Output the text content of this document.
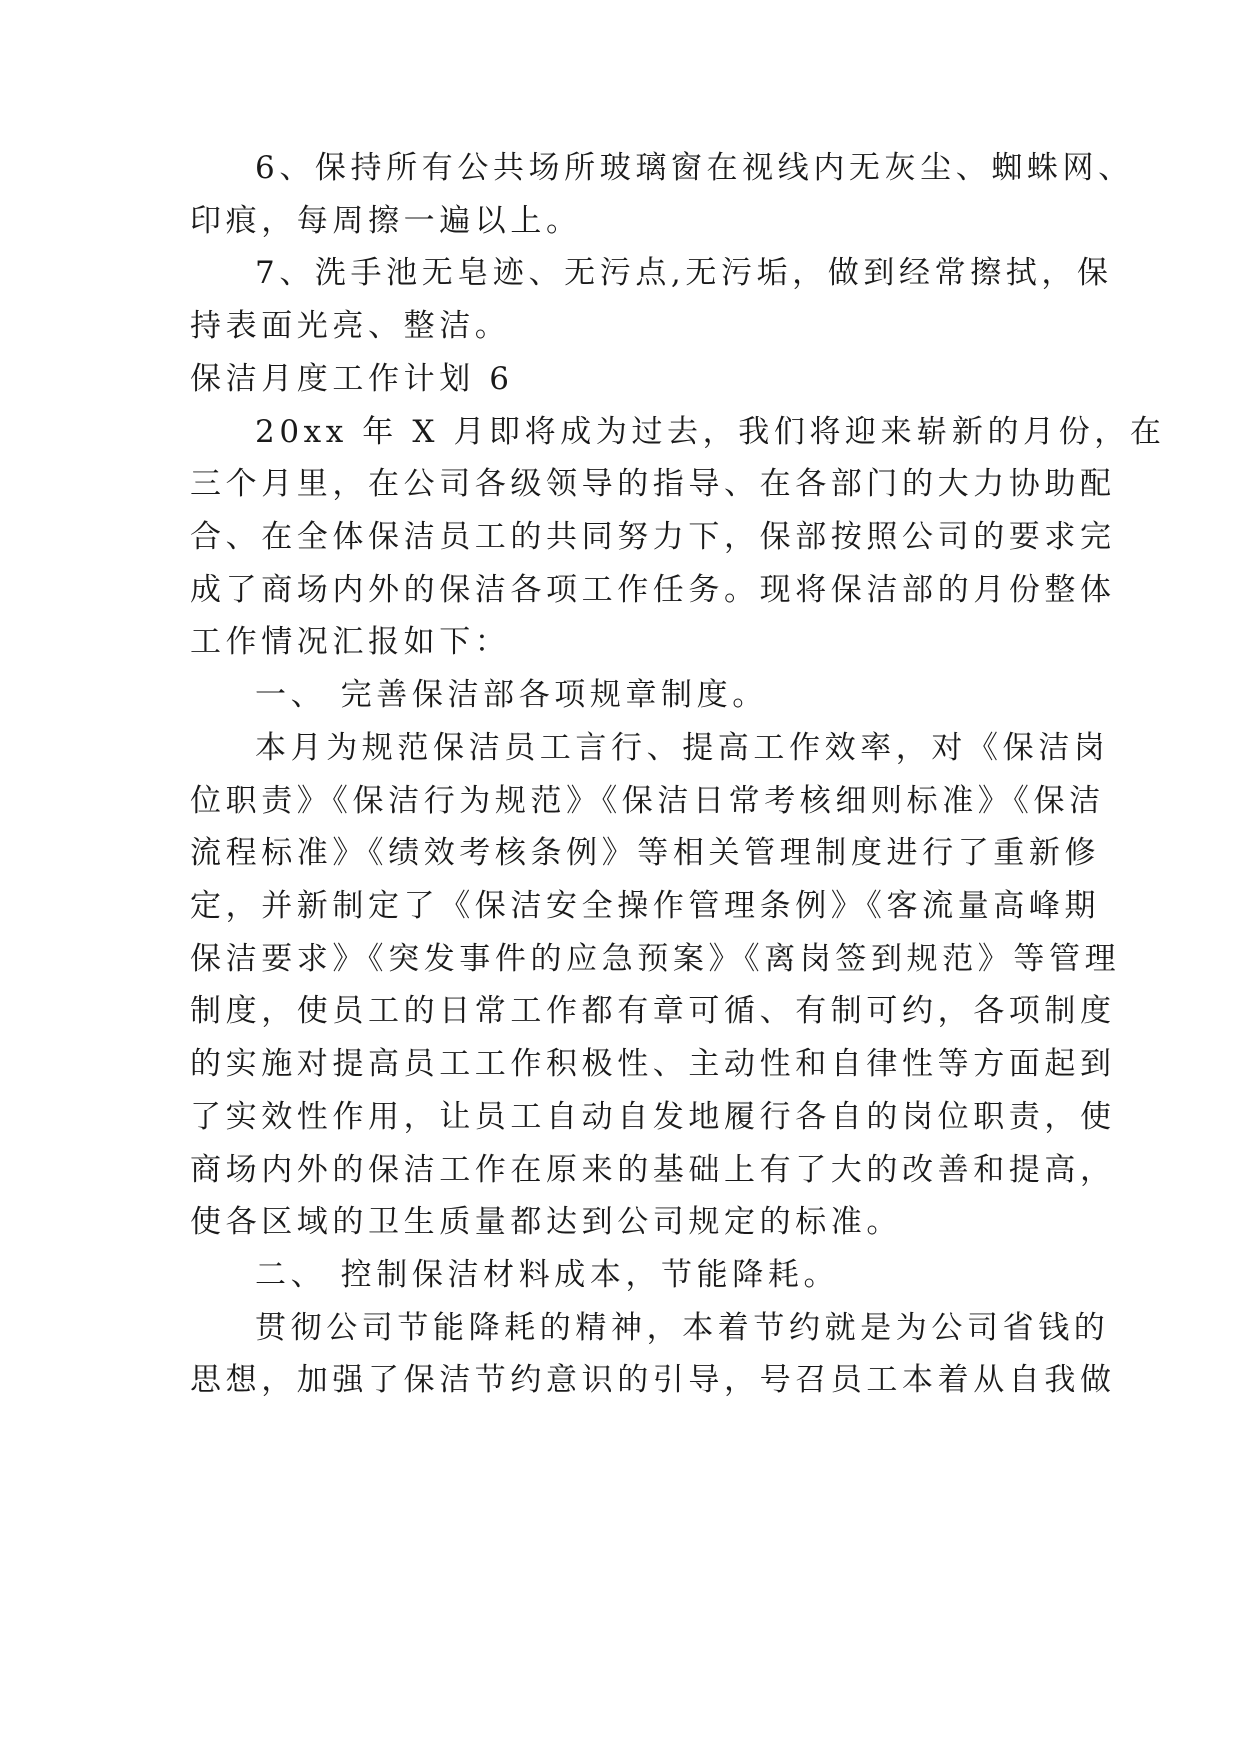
6、保持所有公共场所玻璃窗在视线内无灰尘、蜘蛛网、
印痕，每周擦一遍以上。
7、洗手池无皂迹、无污点,无污垢，做到经常擦拭，保
持表面光亮、整洁。
保洁月度工作计划 6
20xx 年 X 月即将成为过去，我们将迎来崭新的月份，在
三个月里，在公司各级领导的指导、在各部门的大力协助配
合、在全体保洁员工的共同努力下，保部按照公司的要求完
成了商场内外的保洁各项工作任务。现将保洁部的月份整体
工作情况汇报如下：
一、 完善保洁部各项规章制度。
本月为规范保洁员工言行、提高工作效率，对《保洁岗
位职责》《保洁行为规范》《保洁日常考核细则标准》《保洁
流程标准》《绩效考核条例》等相关管理制度进行了重新修
定，并新制定了《保洁安全操作管理条例》《客流量高峰期
保洁要求》《突发事件的应急预案》《离岗签到规范》等管理
制度，使员工的日常工作都有章可循、有制可约，各项制度
的实施对提高员工工作积极性、主动性和自律性等方面起到
了实效性作用，让员工自动自发地履行各自的岗位职责，使
商场内外的保洁工作在原来的基础上有了大的改善和提高，
使各区域的卫生质量都达到公司规定的标准。
二、 控制保洁材料成本，节能降耗。
贯彻公司节能降耗的精神，本着节约就是为公司省钱的
思想，加强了保洁节约意识的引导，号召员工本着从自我做
